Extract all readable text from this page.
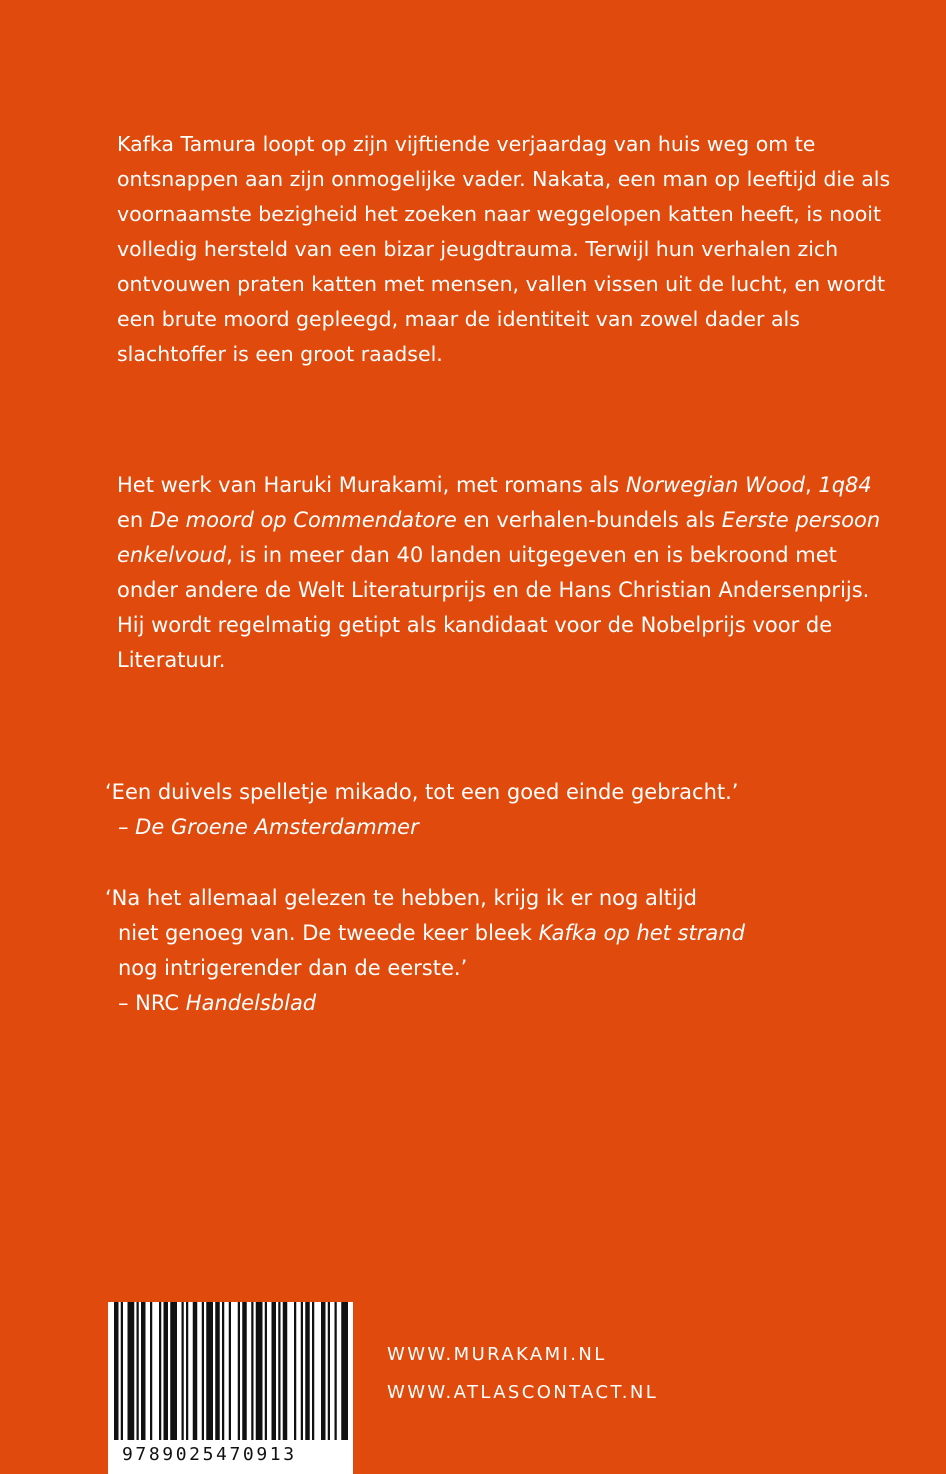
Kafka Tamura loopt op zijn vijftiende verjaardag van huis weg om te ontsnappen aan zijn onmogelijke vader. Nakata, een man op leeftijd die als voornaamste bezigheid het zoeken naar weggelopen katten heeft, is nooit volledig hersteld van een bizar jeugdtrauma. Terwijl hun verhalen zich ontvouwen praten katten met mensen, vallen vissen uit de lucht, en wordt een brute moord gepleegd, maar de identiteit van zowel dader als slachtoffer is een groot raadsel.

Het werk van Haruki Murakami, met romans als Norwegian Wood, 1q84 en De moord op Commendatore en verhalen-bundels als Eerste persoon enkelvoud, is in meer dan 40 landen uitgegeven en is bekroond met onder andere de Welt Literaturprijs en de Hans Christian Andersenprijs. Hij wordt regelmatig getipt als kandidaat voor de Nobelprijs voor de Literatuur.

‘Een duivels spelletje mikado, tot een goed einde gebracht.’
– De Groene Amsterdammer
‘Na het allemaal gelezen te hebben, krijg ik er nog altijd
niet genoeg van. De tweede keer bleek Kafka op het strand
nog intrigerender dan de eerste.’
– NRC Handelsblad
9789025470913
WWW.MURAKAMI.NL
WWW.ATLASCONTACT.NL
